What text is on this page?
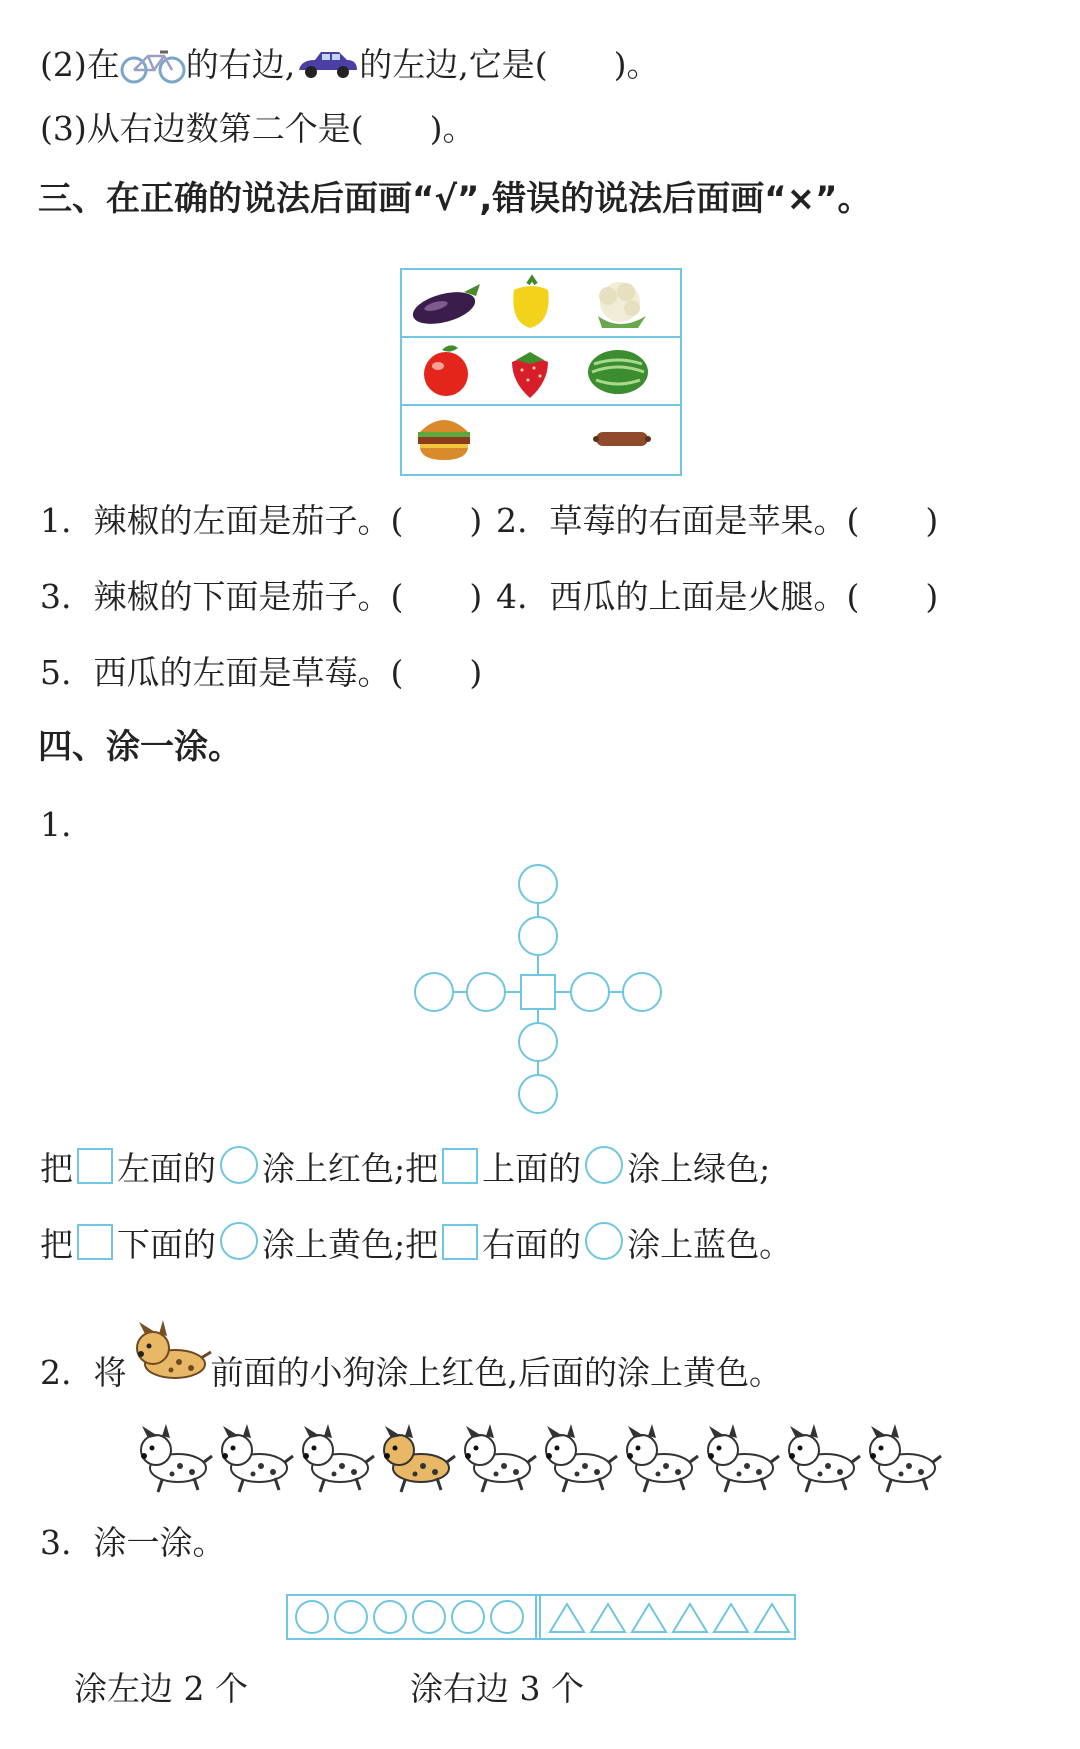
(2)在 的右边, 的左边,它是( )。
(3)从右边数第二个是( )。
三、在正确的说法后面画“√”,错误的说法后面画“×”。
1. 辣椒的左面是茄子。( ) 2. 草莓的右面是苹果。( )
3. 辣椒的下面是茄子。( ) 4. 西瓜的上面是火腿。( )
5. 西瓜的左面是草莓。( )
四、涂一涂。
1.
把 左面的 涂上红色;把 上面的 涂上绿色;
把 下面的 涂上黄色;把 右面的 涂上蓝色。
2. 将	前面的小狗涂上红色,后面的涂上黄色。
3. 涂一涂。
涂左边 2 个	涂右边 3 个
